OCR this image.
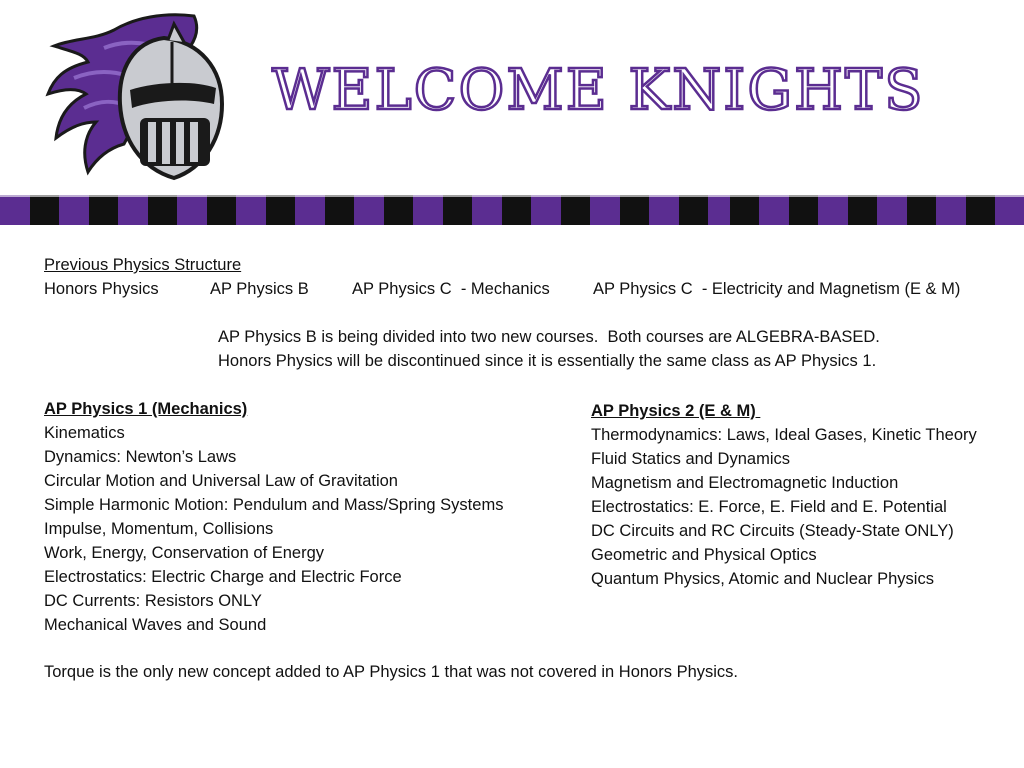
WELCOME KNIGHTS
Previous Physics Structure
Honors Physics	AP Physics B	AP Physics C  - Mechanics	AP Physics C  - Electricity and Magnetism (E & M)
AP Physics B is being divided into two new courses.  Both courses are ALGEBRA-BASED.
Honors Physics will be discontinued since it is essentially the same class as AP Physics 1.
AP Physics 1 (Mechanics)
Kinematics
Dynamics: Newton’s Laws
Circular Motion and Universal Law of Gravitation
Simple Harmonic Motion: Pendulum and Mass/Spring Systems
Impulse, Momentum, Collisions
Work, Energy, Conservation of Energy
Electrostatics: Electric Charge and Electric Force
DC Currents: Resistors ONLY
Mechanical Waves and Sound
AP Physics 2 (E & M)
Thermodynamics: Laws, Ideal Gases, Kinetic Theory
Fluid Statics and Dynamics
Magnetism and Electromagnetic Induction
Electrostatics: E. Force, E. Field and E. Potential
DC Circuits and RC Circuits (Steady-State ONLY)
Geometric and Physical Optics
Quantum Physics, Atomic and Nuclear Physics
Torque is the only new concept added to AP Physics 1 that was not covered in Honors Physics.
